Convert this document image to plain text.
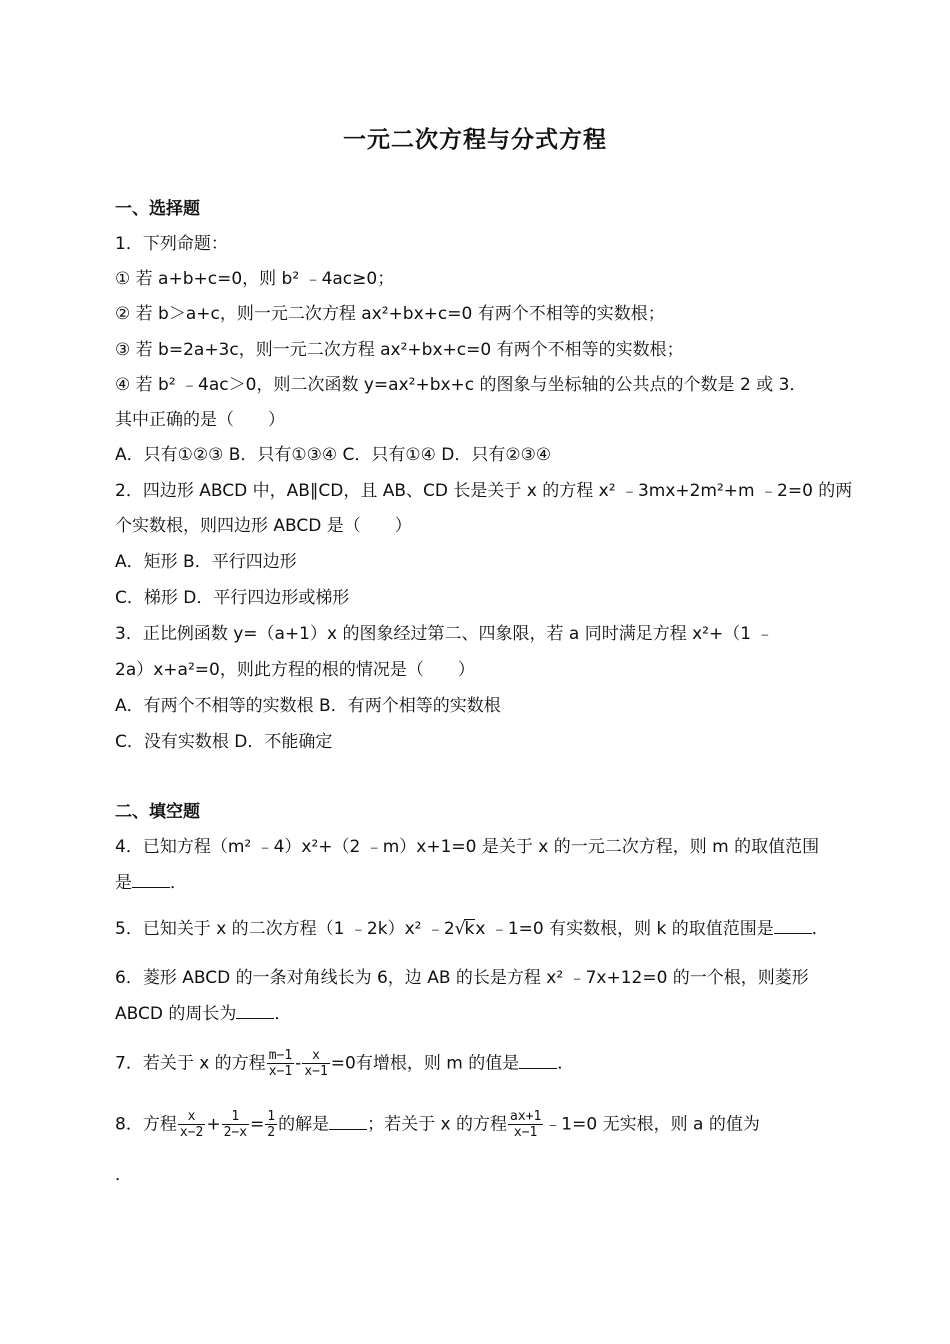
一元二次方程与分式方程
一、选择题
1．下列命题：
① 若 a+b+c=0，则 b² ﹣4ac≥0；
② 若 b＞a+c，则一元二次方程 ax²+bx+c=0 有两个不相等的实数根；
③ 若 b=2a+3c，则一元二次方程 ax²+bx+c=0 有两个不相等的实数根；
④ 若 b² ﹣4ac＞0，则二次函数 y=ax²+bx+c 的图象与坐标轴的公共点的个数是 2 或 3．
其中正确的是（　　）
A．只有①②③ B．只有①③④ C．只有①④ D．只有②③④
2．四边形 ABCD 中，AB∥CD，且 AB、CD 长是关于 x 的方程 x² ﹣3mx+2m²+m ﹣2=0 的两
个实数根，则四边形 ABCD 是（　　）
A．矩形 B．平行四边形
C．梯形 D．平行四边形或梯形
3．正比例函数 y=（a+1）x 的图象经过第二、四象限，若 a 同时满足方程 x²+（1 ﹣
2a）x+a²=0，则此方程的根的情况是（　　）
A．有两个不相等的实数根 B．有两个相等的实数根
C．没有实数根 D．不能确定
二、填空题
4．已知方程（m² ﹣4）x²+（2 ﹣m）x+1=0 是关于 x 的一元二次方程，则 m 的取值范围
是 ．
5．已知关于 x 的二次方程（1 ﹣2k）x² ﹣2√kx ﹣1=0 有实数根，则 k 的取值范围是 ．
6．菱形 ABCD 的一条对角线长为 6，边 AB 的长是方程 x² ﹣7x+12=0 的一个根，则菱形
ABCD 的周长为 ．
7．若关于 x 的方程 $\frac{m-1}{x-1} - \frac{x}{x-1} =0$有增根，则 m 的值是 ．
8．方程 $\frac{x}{x-2} + \frac{1}{2-x} = \frac{1}{2}$ 的解是 ；若关于 x 的方程 $\frac{ax+1}{x-1}$ ﹣1=0 无实根，则 a 的值为
．
